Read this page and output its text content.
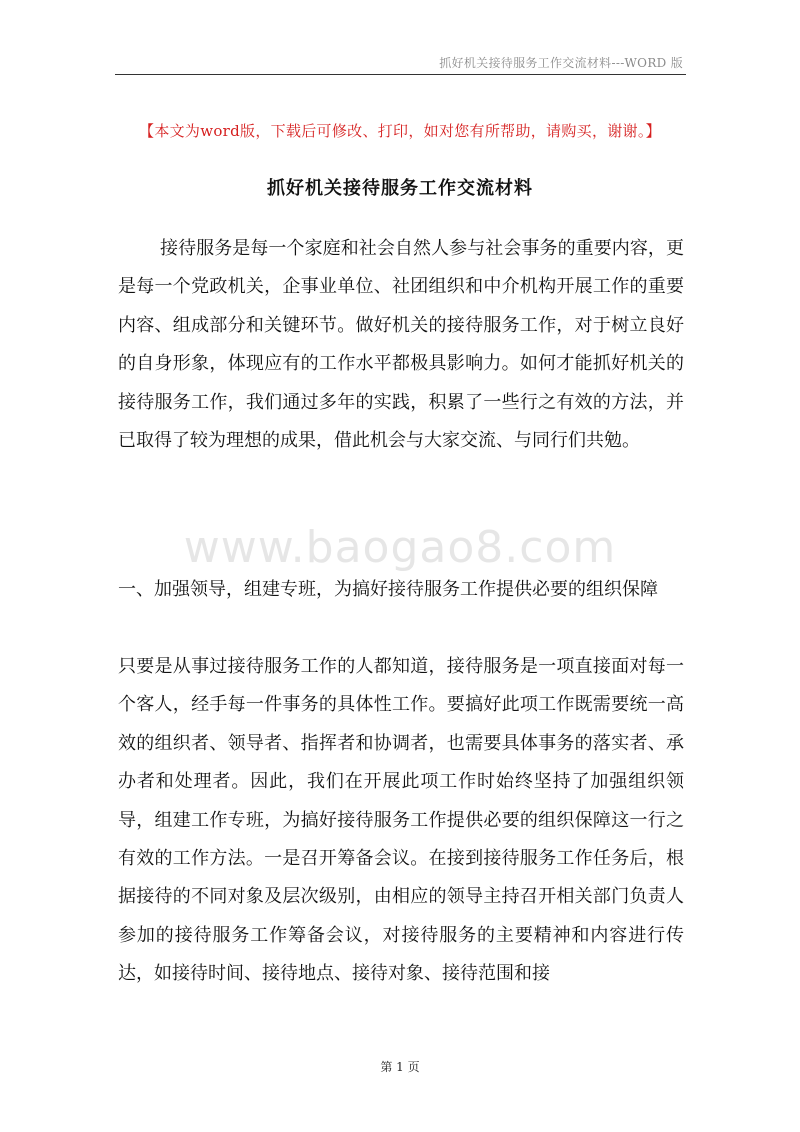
抓好机关接待服务工作交流材料---WORD 版
【本文为word版，下载后可修改、打印，如对您有所帮助，请购买，谢谢。】
抓好机关接待服务工作交流材料

接待服务是每一个家庭和社会自然人参与社会事务的重要内容，更是每一个党政机关，企事业单位、社团组织和中介机构开展工作的重要内容、组成部分和关键环节。做好机关的接待服务工作，对于树立良好的自身形象，体现应有的工作水平都极具影响力。如何才能抓好机关的接待服务工作，我们通过多年的实践，积累了一些行之有效的方法，并已取得了较为理想的成果，借此机会与大家交流、与同行们共勉。

www.baogao8.com

一、加强领导，组建专班，为搞好接待服务工作提供必要的组织保障

只要是从事过接待服务工作的人都知道，接待服务是一项直接面对每一个客人，经手每一件事务的具体性工作。要搞好此项工作既需要统一高效的组织者、领导者、指挥者和协调者，也需要具体事务的落实者、承办者和处理者。因此，我们在开展此项工作时始终坚持了加强组织领导，组建工作专班，为搞好接待服务工作提供必要的组织保障这一行之有效的工作方法。一是召开筹备会议。在接到接待服务工作任务后，根据接待的不同对象及层次级别，由相应的领导主持召开相关部门负责人参加的接待服务工作筹备会议，对接待服务的主要精神和内容进行传达，如接待时间、接待地点、接待对象、接待范围和接

第 1 页
